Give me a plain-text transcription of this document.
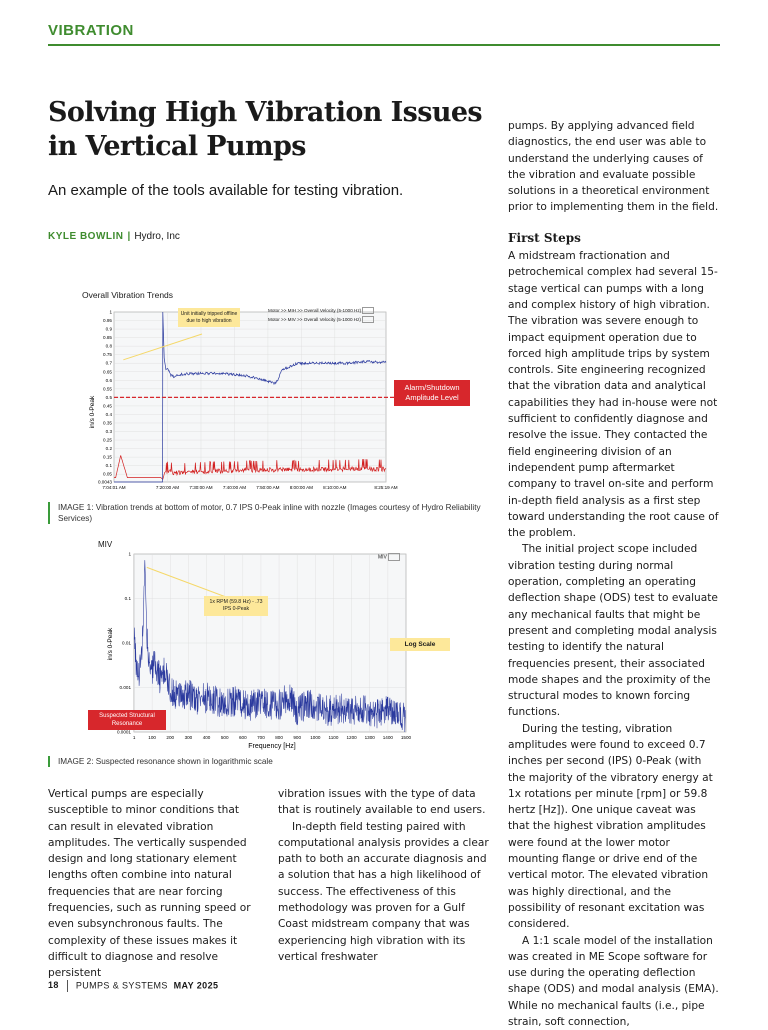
VIBRATION
Solving High Vibration Issues in Vertical Pumps
An example of the tools available for testing vibration.
KYLE BOWLIN | Hydro, Inc
Overall Vibration Trends
0.0043
0.05
0.1
0.15
0.2
0.25
0.3
0.35
0.4
0.45
0.5
0.55
0.6
0.65
0.7
0.75
0.8
0.85
0.9
0.95
1
7:04:01 AM	7:20:00 AM 7:30:00 AM 7:40:00 AM 7:50:00 AM 8:00:00 AM 8:10:00 AM	8:25:19 AM
in/s 0-Peak
Motor >> MIH >> Overall Velocity (5-1000 Hz)
Motor >> MIV >> Overall Velocity (5-1000 Hz)
Unit initially tripped offline due to high vibration
Alarm/Shutdown
Amplitude Level
IMAGE 1: Vibration trends at bottom of motor, 0.7 IPS 0-Peak inline with nozzle (Images courtesy of Hydro Reliability Services)
MIV
0.0001
0.001
0.01
0.1
1
1	100 200 300 400 500 600 700 800 900 1000 1100 1200 1300 1400 1500
in/s 0-Peak
Frequency [Hz]
MIV
1x RPM (59.8 Hz) - .73 IPS 0-Peak
Log Scale
Suspected Structural Resonance
IMAGE 2: Suspected resonance shown in logarithmic scale

Vertical pumps are especially susceptible to minor conditions that can result in elevated vibration amplitudes. The vertically suspended design and long stationary element lengths often combine into natural frequencies that are near forcing frequencies, such as running speed or even subsynchronous faults. The complexity of these issues makes it difficult to diagnose and resolve persistent

vibration issues with the type of data that is routinely available to end users.

In-depth field testing paired with computational analysis provides a clear path to both an accurate diagnosis and a solution that has a high likelihood of success. The effectiveness of this methodology was proven for a Gulf Coast midstream company that was experiencing high vibration with its vertical freshwater

pumps. By applying advanced field diagnostics, the end user was able to understand the underlying causes of the vibration and evaluate possible solutions in a theoretical environment prior to implementing them in the field.

First Steps

A midstream fractionation and petrochemical complex had several 15-stage vertical can pumps with a long and complex history of high vibration. The vibration was severe enough to impact equipment operation due to forced high amplitude trips by system controls. Site engineering recognized that the vibration data and analytical capabilities they had in-house were not sufficient to confidently diagnose and resolve the issue. They contacted the field engineering division of an independent pump aftermarket company to travel on-site and perform in-depth field analysis as a first step toward understanding the root cause of the problem.

The initial project scope included vibration testing during normal operation, completing an operating deflection shape (ODS) test to evaluate any mechanical faults that might be present and completing modal analysis testing to identify the natural frequencies present, their associated mode shapes and the proximity of the structural modes to known forcing functions.

During the testing, vibration amplitudes were found to exceed 0.7 inches per second (IPS) 0-Peak (with the majority of the vibratory energy at 1x rotations per minute [rpm] or 59.8 hertz [Hz]). One unique caveat was that the highest vibration amplitudes were found at the lower motor mounting flange or drive end of the vertical motor. The elevated vibration was highly directional, and the possibility of resonant excitation was considered.

A 1:1 scale model of the installation was created in ME Scope software for use during the operating deflection shape (ODS) and modal analysis (EMA). While no mechanical faults (i.e., pipe strain, soft connection,

18 PUMPS & SYSTEMS MAY 2025
